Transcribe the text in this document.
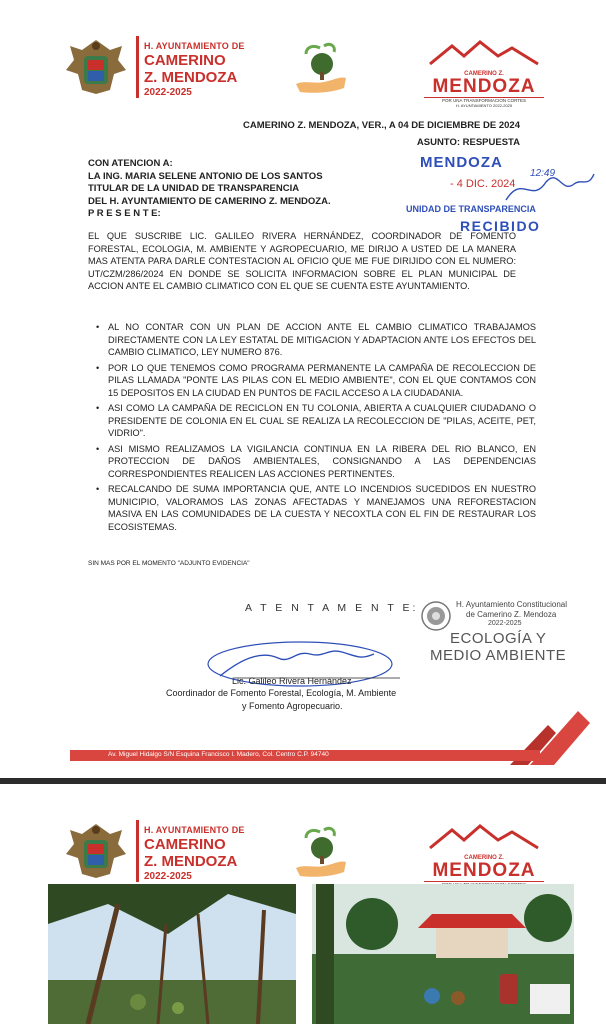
H. AYUNTAMIENTO DE
CAMERINO
Z. MENDOZA
2022-2025
CAMERINO Z.
MENDOZA
POR UNA TRANSFORMACION CORTES
H. AYUNTAMIENTO 2022-2025
CAMERINO Z. MENDOZA, VER., A 04 DE DICIEMBRE DE 2024
ASUNTO: RESPUESTA
MENDOZA
- 4 DIC. 2024
12:49
UNIDAD DE TRANSPARENCIA
RECIBIDO
CON ATENCION A:
LA ING. MARIA SELENE ANTONIO DE LOS SANTOS
TITULAR DE LA UNIDAD DE TRANSPARENCIA
DEL H. AYUNTAMIENTO DE CAMERINO Z. MENDOZA.
P R E S E N T E:
EL QUE SUSCRIBE LIC. GALILEO RIVERA HERNÁNDEZ, COORDINADOR DE FOMENTO FORESTAL, ECOLOGIA, M. AMBIENTE Y AGROPECUARIO, ME DIRIJO A USTED DE LA MANERA MAS ATENTA PARA DARLE CONTESTACION AL OFICIO QUE ME FUE DIRIJIDO CON EL NUMERO: UT/CZM/286/2024 EN DONDE SE SOLICITA INFORMACION SOBRE EL PLAN MUNICIPAL DE ACCION ANTE EL CAMBIO CLIMATICO CON EL QUE SE CUENTA ESTE AYUNTAMIENTO.
• AL NO CONTAR CON UN PLAN DE ACCION ANTE EL CAMBIO CLIMATICO TRABAJAMOS DIRECTAMENTE CON LA LEY ESTATAL DE MITIGACION Y ADAPTACION ANTE LOS EFECTOS DEL CAMBIO CLIMATICO, LEY NUMERO 876.
• POR LO QUE TENEMOS COMO PROGRAMA PERMANENTE LA CAMPAÑA DE RECOLECCION DE PILAS LLAMADA "PONTE LAS PILAS CON EL MEDIO AMBIENTE", CON EL QUE CONTAMOS CON 15 DEPOSITOS EN LA CIUDAD EN PUNTOS DE FACIL ACCESO A LA CIUDADANIA.
• ASI COMO LA CAMPAÑA DE RECICLON EN TU COLONIA, ABIERTA A CUALQUIER CIUDADANO O PRESIDENTE DE COLONIA EN EL CUAL SE REALIZA LA RECOLECCION DE "PILAS, ACEITE, PET, VIDRIO".
• ASI MISMO REALIZAMOS LA VIGILANCIA CONTINUA EN LA RIBERA DEL RIO BLANCO, EN PROTECCION DE DAÑOS AMBIENTALES, CONSIGNANDO A LAS DEPENDENCIAS CORRESPONDIENTES REALICEN LAS ACCIONES PERTINENTES.
• RECALCANDO DE SUMA IMPORTANCIA QUE, ANTE LO INCENDIOS SUCEDIDOS EN NUESTRO MUNICIPIO, VALORAMOS LAS ZONAS AFECTADAS Y MANEJAMOS UNA REFORESTACION MASIVA EN LAS COMUNIDADES DE LA CUESTA Y NECOXTLA CON EL FIN DE RESTAURAR LOS ECOSISTEMAS.
SIN MAS POR EL MOMENTO "ADJUNTO EVIDENCIA"
A T E N T A M E N T E:	H. Ayuntamiento Constitucional
de Camerino Z. Mendoza
2022-2025
ECOLOGÍA Y
MEDIO AMBIENTE
Lic. Galileo Rivera Hernández
Coordinador de Fomento Forestal, Ecología, M. Ambiente
y Fomento Agropecuario.
Av. Miguel Hidalgo S/N Esquina Francisco I. Madero, Col. Centro C.P. 94740
H. AYUNTAMIENTO DE
CAMERINO
Z. MENDOZA
2022-2025
CAMERINO Z.
MENDOZA
